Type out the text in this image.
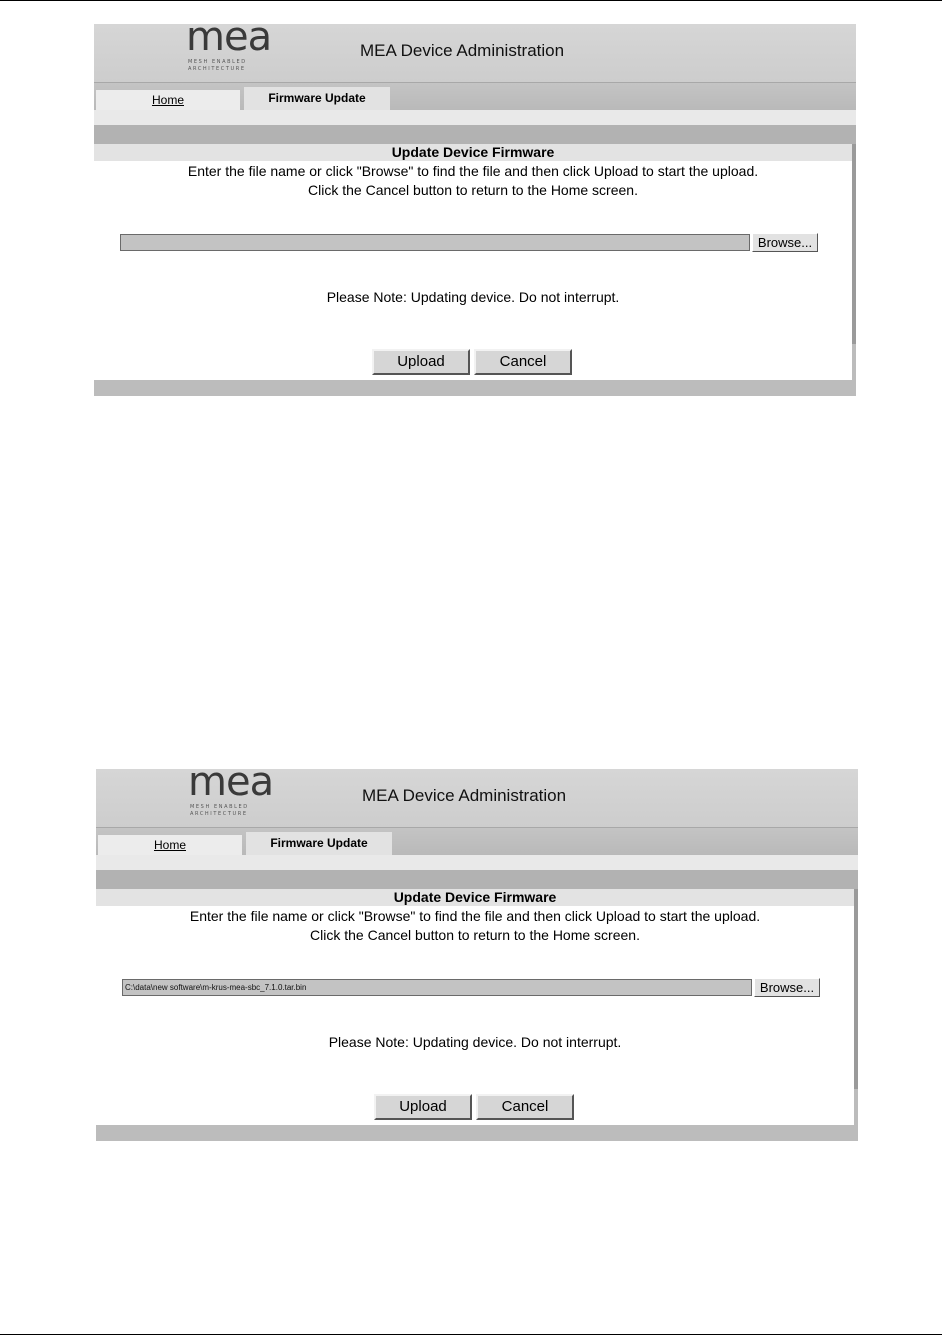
mea
MESH ENABLED
ARCHITECTURE
MEA Device Administration
Home	Firmware Update
Update Device Firmware
Enter the file name or click "Browse" to find the file and then click Upload to start the upload.
Click the Cancel button to return to the Home screen.
Browse...
Please Note: Updating device. Do not interrupt.
Upload	Cancel
mea
MESH ENABLED
ARCHITECTURE
MEA Device Administration
Home	Firmware Update
Update Device Firmware
Enter the file name or click "Browse" to find the file and then click Upload to start the upload.
Click the Cancel button to return to the Home screen.
C:\data\new software\m-krus-mea-sbc_7.1.0.tar.bin	Browse...
Please Note: Updating device. Do not interrupt.
Upload	Cancel
